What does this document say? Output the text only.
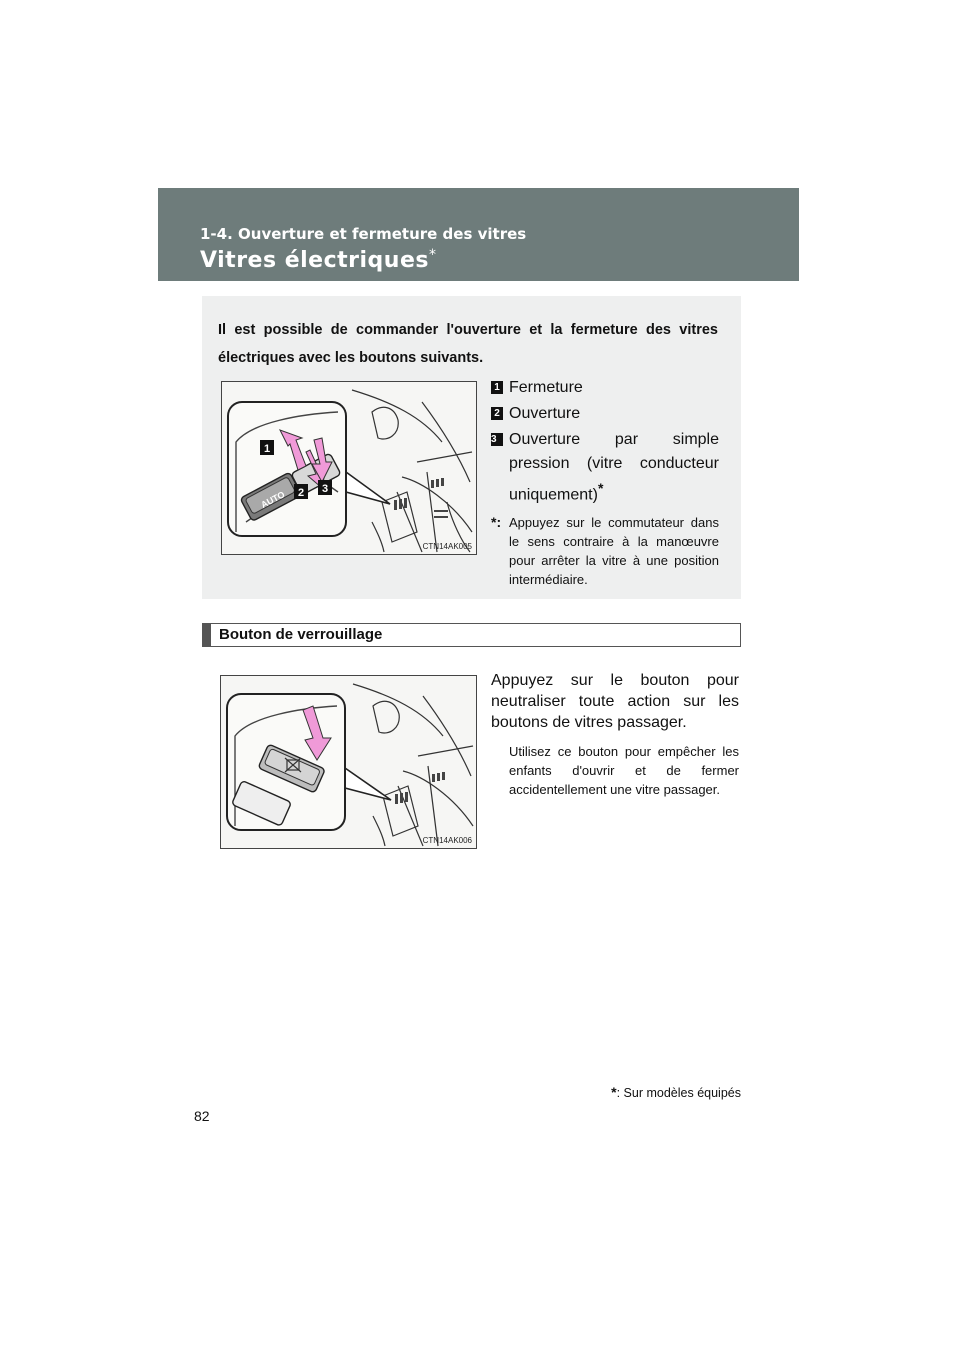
1-4. Ouverture et fermeture des vitres
Vitres électriques*
Il est possible de commander l'ouverture et la fermeture des vitres électriques avec les boutons suivants.
AUTO
1
2 3
CTN14AK005
1 Fermeture
2 Ouverture
3 Ouverture par simple pression (vitre conducteur uniquement)*
*: Appuyez sur le commutateur dans le sens contraire à la manœuvre pour arrêter la vitre à une position intermédiaire.
Bouton de verrouillage
CTN14AK006
Appuyez sur le bouton pour neutraliser toute action sur les boutons de vitres passager.
Utilisez ce bouton pour empêcher les enfants d'ouvrir et de fermer accidentellement une vitre passager.
*: Sur modèles équipés
82
